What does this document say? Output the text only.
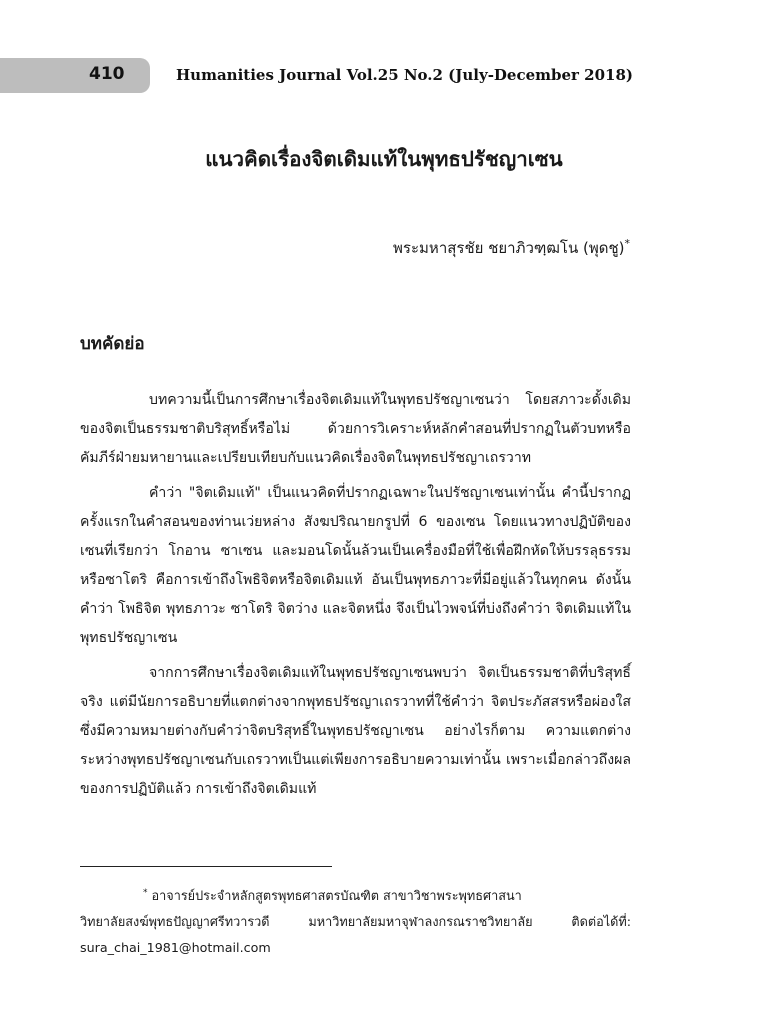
410	Humanities Journal Vol.25 No.2 (July-December 2018)
แนวคิดเรื่องจิตเดิมแท้ในพุทธปรัชญาเซน
พระมหาสุรชัย ชยาภิวฑฺฒโน (พุดชู)*
บทคัดย่อ

บทความนี้เป็นการศึกษาเรื่องจิตเดิมแท้ในพุทธปรัชญาเซนว่า โดยสภาวะดั้งเดิมของจิตเป็นธรรมชาติบริสุทธิ์หรือไม่ ด้วยการวิเคราะห์หลักคำสอนที่ปรากฏในตัวบทหรือคัมภีร์ฝ่ายมหายานและเปรียบเทียบกับแนวคิดเรื่องจิตในพุทธปรัชญาเถรวาท

คำว่า "จิตเดิมแท้" เป็นแนวคิดที่ปรากฏเฉพาะในปรัชญาเซนเท่านั้น คำนี้ปรากฏครั้งแรกในคำสอนของท่านเว่ยหล่าง สังฆปริณายกรูปที่ 6 ของเซน โดยแนวทางปฏิบัติของเซนที่เรียกว่า โกอาน ซาเซน และมอนโดนั้นล้วนเป็นเครื่องมือที่ใช้เพื่อฝึกหัดให้บรรลุธรรมหรือซาโตริ คือการเข้าถึงโพธิจิตหรือจิตเดิมแท้ อันเป็นพุทธภาวะที่มีอยู่แล้วในทุกคน ดังนั้น คำว่า โพธิจิต พุทธภาวะ ซาโตริ จิตว่าง และจิตหนึ่ง จึงเป็นไวพจน์ที่บ่งถึงคำว่า จิตเดิมแท้ในพุทธปรัชญาเซน

จากการศึกษาเรื่องจิตเดิมแท้ในพุทธปรัชญาเซนพบว่า จิตเป็นธรรมชาติที่บริสุทธิ์จริง แต่มีนัยการอธิบายที่แตกต่างจากพุทธปรัชญาเถรวาทที่ใช้คำว่า จิตประภัสสรหรือผ่องใส ซึ่งมีความหมายต่างกับคำว่าจิตบริสุทธิ์ในพุทธปรัชญาเซน อย่างไรก็ตาม ความแตกต่างระหว่างพุทธปรัชญาเซนกับเถรวาทเป็นแต่เพียงการอธิบายความเท่านั้น เพราะเมื่อกล่าวถึงผลของการปฏิบัติแล้ว การเข้าถึงจิตเดิมแท้

* อาจารย์ประจำหลักสูตรพุทธศาสตรบัณฑิต สาขาวิชาพระพุทธศาสนา
วิทยาลัยสงฆ์พุทธปัญญาศรีทวารวดี มหาวิทยาลัยมหาจุฬาลงกรณราชวิทยาลัย ติดต่อได้ที่: sura_chai_1981@hotmail.com
